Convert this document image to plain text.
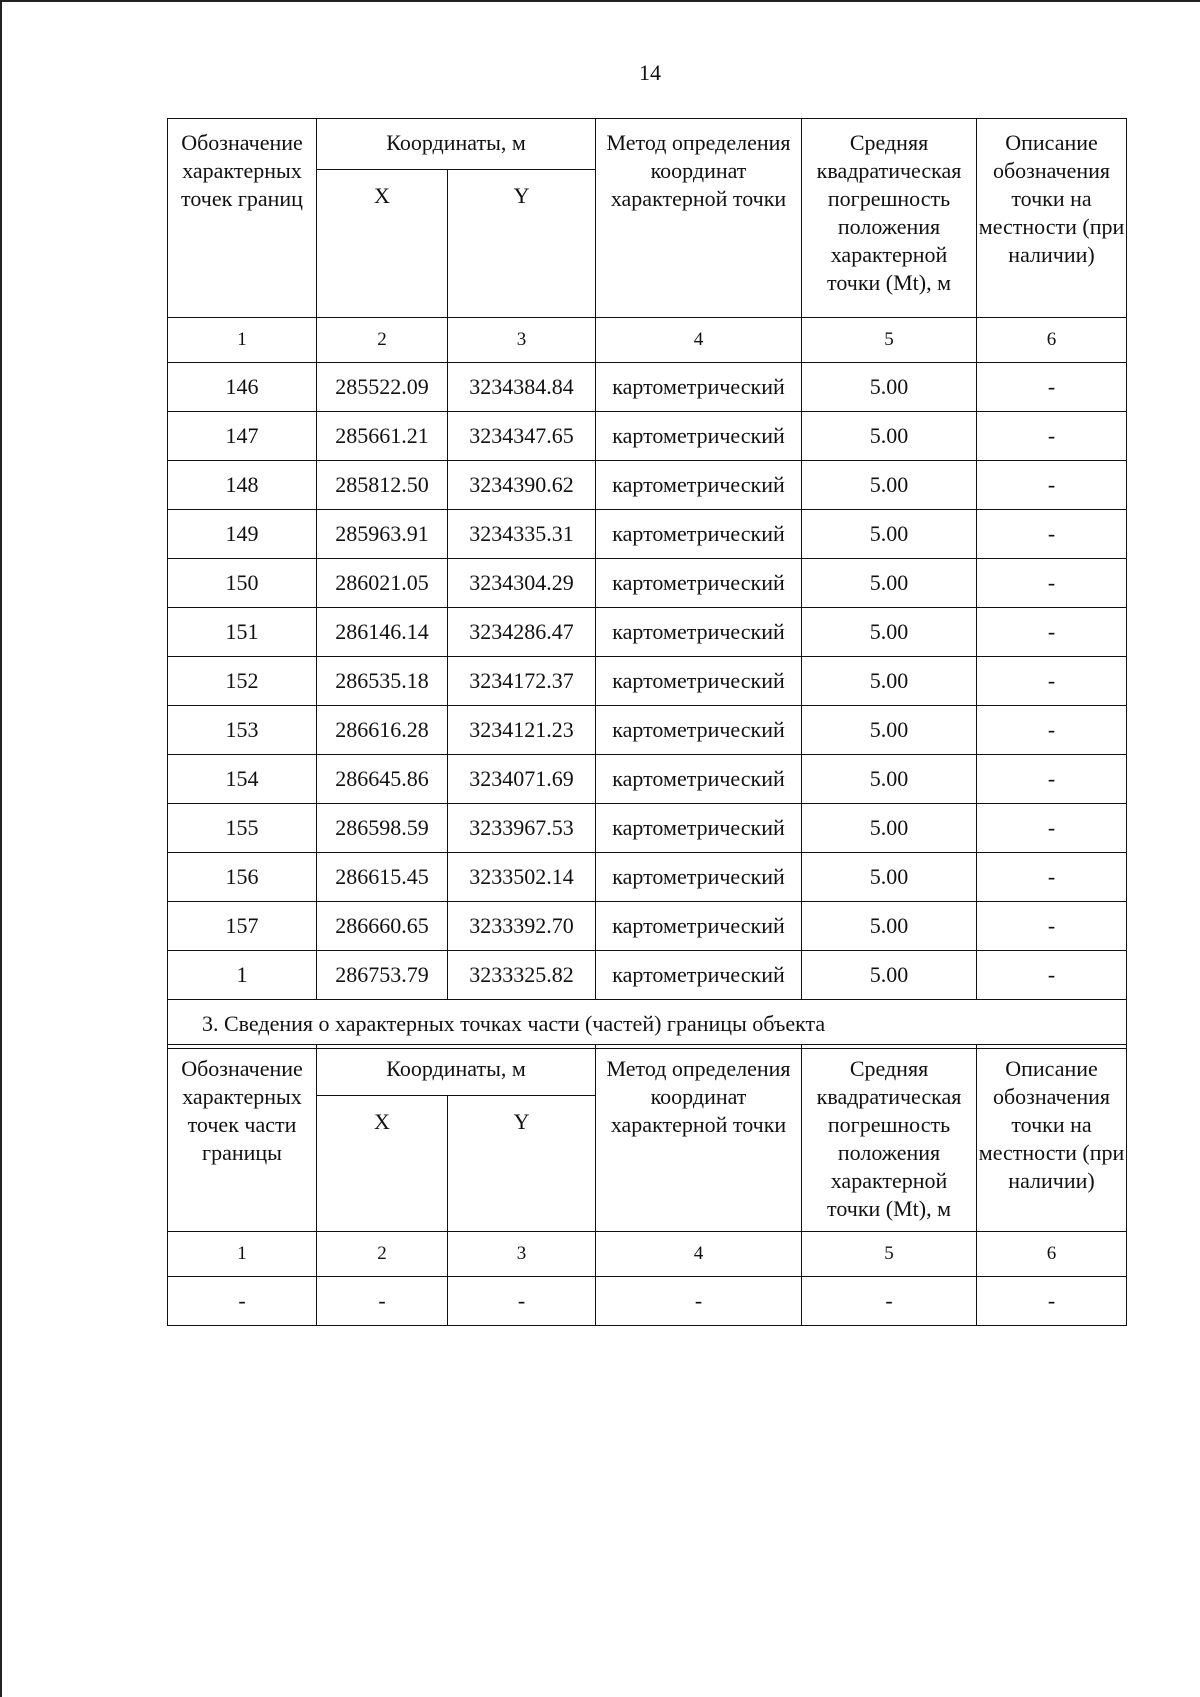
14
Обозначение характерных точек границ	Координаты, м		Метод определения координат характерной точки	Средняя квадратическая погрешность положения характерной точки (Mt), м	Описание обозначения точки на местности (при наличии)
	X	Y			
1	2	3	4	5	6
146	285522.09	3234384.84	картометрический	5.00	-
147	285661.21	3234347.65	картометрический	5.00	-
148	285812.50	3234390.62	картометрический	5.00	-
149	285963.91	3234335.31	картометрический	5.00	-
150	286021.05	3234304.29	картометрический	5.00	-
151	286146.14	3234286.47	картометрический	5.00	-
152	286535.18	3234172.37	картометрический	5.00	-
153	286616.28	3234121.23	картометрический	5.00	-
154	286645.86	3234071.69	картометрический	5.00	-
155	286598.59	3233967.53	картометрический	5.00	-
156	286615.45	3233502.14	картометрический	5.00	-
157	286660.65	3233392.70	картометрический	5.00	-
1	286753.79	3233325.82	картометрический	5.00	-
3. Сведения о характерных точках части (частей) границы объекта					
Обозначение характерных точек части границы	Координаты, м		Метод определения координат характерной точки	Средняя квадратическая погрешность положения характерной точки (Mt), м	Описание обозначения точки на местности (при наличии)
	X	Y			
1	2	3	4	5	6
-	-	-	-	-	-
